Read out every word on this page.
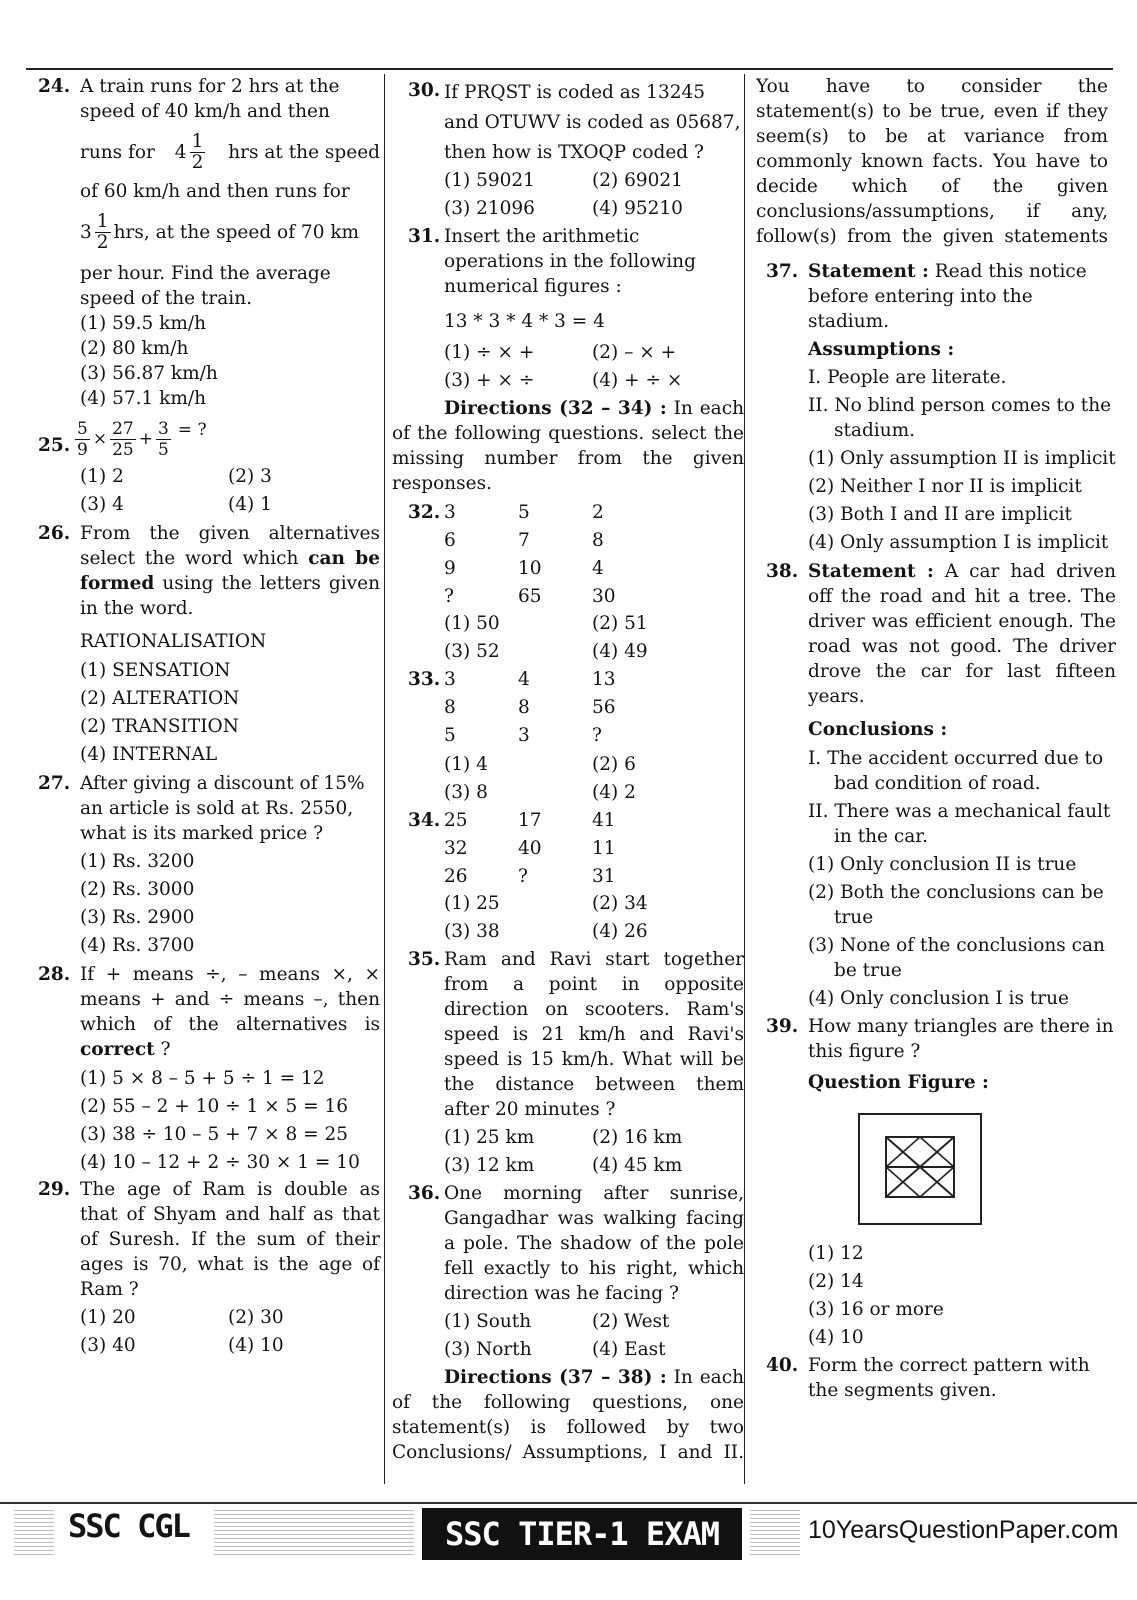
24. A train runs for 2 hrs at the

speed of 40 km/h and then

runs for $4 \frac{1}{2}$ hrs at the speed

of 60 km/h and then runs for

$3 \frac{1}{2}$ hrs, at the speed of 70 km

per hour. Find the average

speed of the train.

(1) 59.5 km/h

(2) 80 km/h

(3) 56.87 km/h

(4) 57.1 km/h

25. $\frac{5}{9} \times \frac{27}{25} + \frac{3}{5}$ = ?

(1) 2	(2) 3
(3) 4	(4) 1
26. From the given alternatives select the word which can be formed using the letters given in the word.

RATIONALISATION

(1) SENSATION

(2) ALTERATION

(2) TRANSITION

(4) INTERNAL

27. After giving a discount of 15% an article is sold at Rs. 2550, what is its marked price ?

(1) Rs. 3200

(2) Rs. 3000

(3) Rs. 2900

(4) Rs. 3700

28. If + means ÷, – means ×, × means + and ÷ means –, then which of the alternatives is correct ?

(1) 5 × 8 – 5 + 5 ÷ 1 = 12

(2) 55 – 2 + 10 ÷ 1 × 5 = 16

(3) 38 ÷ 10 – 5 + 7 × 8 = 25

(4) 10 – 12 + 2 ÷ 30 × 1 = 10

29. The age of Ram is double as that of Shyam and half as that of Suresh. If the sum of their ages is 70, what is the age of Ram ?

(1) 20	(2) 30
(3) 40	(4) 10
30. If PRQST is coded as 13245 and OTUWV is coded as 05687, then how is TXOQP coded ?

(1) 59021	(2) 69021
(3) 21096	(4) 95210
31. Insert the arithmetic operations in the following numerical figures :

13 * 3 * 4 * 3 = 4

(1) ÷ × +	(2) – × +
(3) + × ÷	(4) + ÷ ×

Directions (32 – 34) : In each of the following questions. select the missing number from the given responses.

32. 3	5	2
6	7	8
9	10	4
?	65	30
(1) 50	(2) 51
(3) 52	(4) 49
33. 3	4	13
8	8	56
5	3	?
(1) 4	(2) 6
(3) 8	(4) 2
34. 25	17	41
32	40	11
26	?	31
(1) 25	(2) 34
(3) 38	(4) 26
35. Ram and Ravi start together from a point in opposite direction on scooters. Ram's speed is 21 km/h and Ravi's speed is 15 km/h. What will be the distance between them after 20 minutes ?

(1) 25 km	(2) 16 km
(3) 12 km	(4) 45 km
36. One morning after sunrise, Gangadhar was walking facing a pole. The shadow of the pole fell exactly to his right, which direction was he facing ?

(1) South	(2) West
(3) North	(4) East

Directions (37 – 38) : In each of the following questions, one statement(s) is followed by two Conclusions/ Assumptions, I and II.

You have to consider the statement(s) to be true, even if they seem(s) to be at variance from commonly known facts. You have to decide which of the given conclusions/assumptions, if any, follow(s) from the given statements

37. Statement : Read this notice before entering into the stadium.

Assumptions :

I. People are literate.

II. No blind person comes to the stadium.

(1) Only assumption II is implicit

(2) Neither I nor II is implicit

(3) Both I and II are implicit

(4) Only assumption I is implicit

38. Statement : A car had driven off the road and hit a tree. The driver was efficient enough. The road was not good. The driver drove the car for last fifteen years.

Conclusions :

I. The accident occurred due to bad condition of road.

II. There was a mechanical fault in the car.

(1) Only conclusion II is true

(2) Both the conclusions can be true

(3) None of the conclusions can be true

(4) Only conclusion I is true

39. How many triangles are there in this figure ?

Question Figure :

(1) 12

(2) 14

(3) 16 or more

(4) 10

40. Form the correct pattern with the segments given.

SSC CGL	SSC TIER-1 EXAM	10YearsQuestionPaper.com
